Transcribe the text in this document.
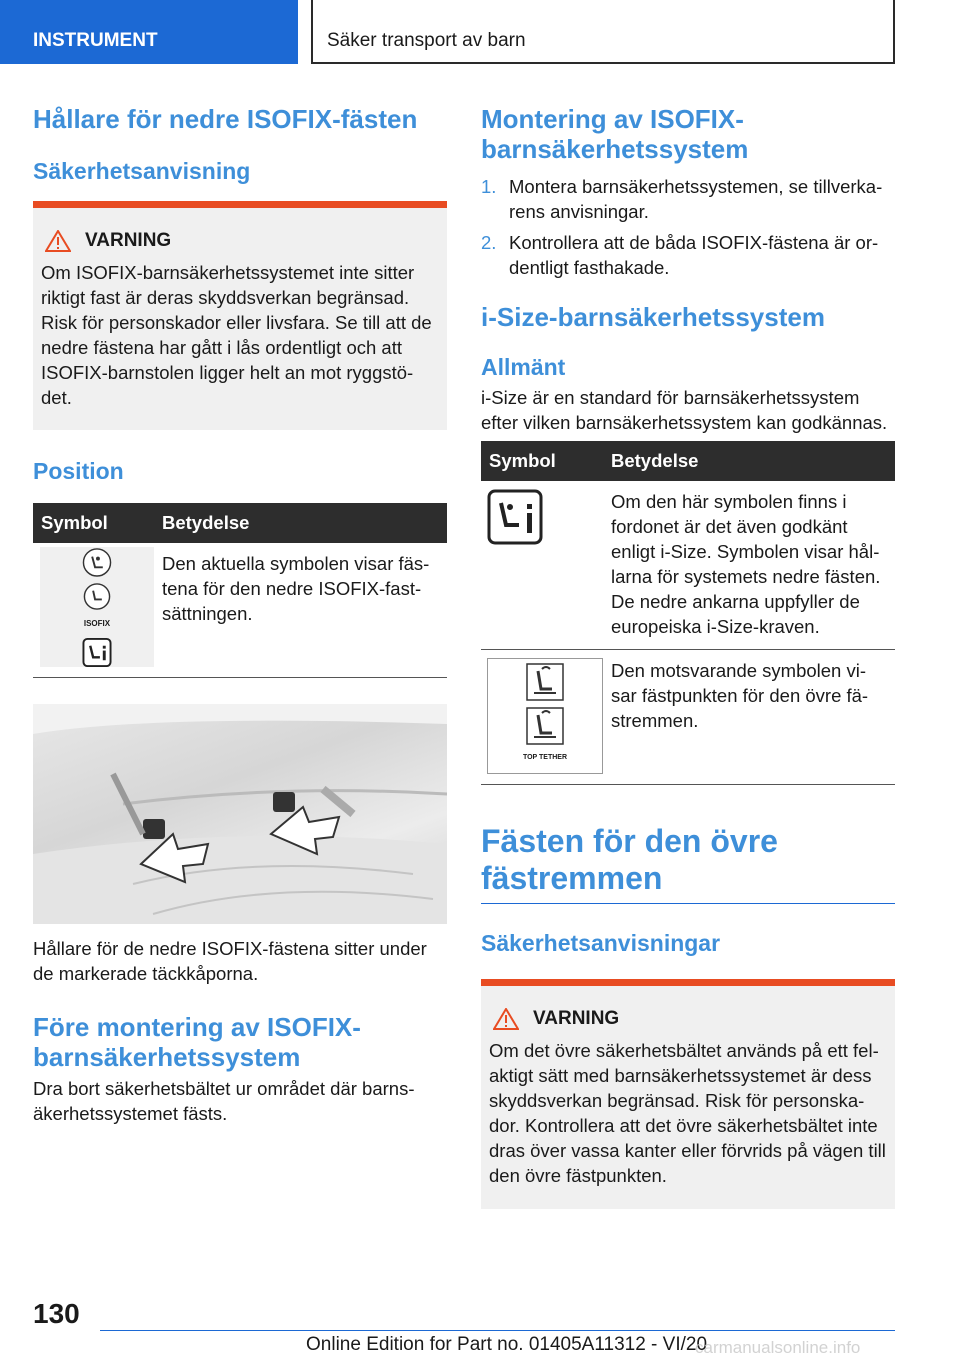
INSTRUMENT	Säker transport av barn
Hållare för nedre ISOFIX-fästen
Säkerhetsanvisning
VARNING

Om ISOFIX-barnsäkerhetssystemet inte sitter riktigt fast är deras skyddsverkan begränsad. Risk för personskador eller livsfara. Se till att de nedre fästena har gått i lås ordentligt och att ISOFIX-barnstolen ligger helt an mot ryggstö-det.

Position
Symbol	Betydelse

ISOFIX	Den aktuella symbolen visar fäs-tena för den nedre ISOFIX-fast-sättningen.

Hållare för de nedre ISOFIX-fästena sitter under de markerade täckkåporna.

Före montering av ISOFIX-barnsäkerhetssystem

Dra bort säkerhetsbältet ur området där barns-äkerhetssystemet fästs.

Montering av ISOFIX-barnsäkerhetssystem
1. Montera barnsäkerhetssystemen, se tillverka-rens anvisningar.
2. Kontrollera att de båda ISOFIX-fästena är or-dentligt fasthakade.
i-Size-barnsäkerhetssystem
Allmänt

i-Size är en standard för barnsäkerhetssystem efter vilken barnsäkerhetssystem kan godkännas.

Symbol	Betydelse

	Om den här symbolen finns i fordonet är det även godkänt enligt i-Size. Symbolen visar hål-larna för systemets nedre fästen. De nedre ankarna uppfyller de europeiska i-Size-kraven.

TOP TETHER	Den motsvarande symbolen vi-sar fästpunkten för den övre fä-stremmen.
Fästen för den övre fästremmen
Säkerhetsanvisningar
VARNING

Om det övre säkerhetsbältet används på ett fel-aktigt sätt med barnsäkerhetssystemet är dess skyddsverkan begränsad. Risk för personska-dor. Kontrollera att det övre säkerhetsbältet inte dras över vassa kanter eller förvrids på vägen till den övre fästpunkten.

130
Online Edition for Part no. 01405A11312 - VI/20
carmanualsonline.info
